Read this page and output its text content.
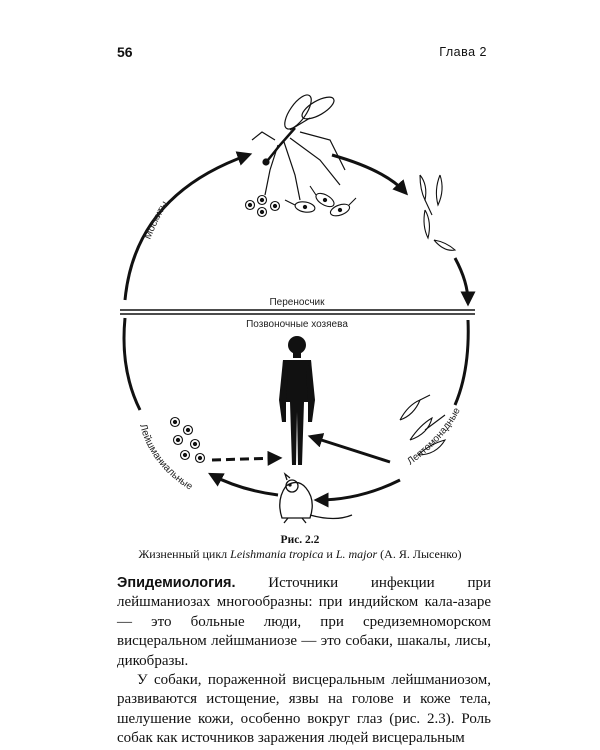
56	Глава 2
Переносчик
Позвоночные хозяева
Москиты
Лептомонадные
Лейшманиальные
Рис. 2.2
Жизненный цикл Leishmania tropica и L. major (А. Я. Лысенко)

Эпидемиология. Источники инфекции при лейшманиозах многообразны: при индийском кала-азаре — это больные люди, при средиземноморском висцеральном лейшманиозе — это собаки, шакалы, лисы, дикобразы.

У собаки, пораженной висцеральным лейшманиозом, развиваются истощение, язвы на голове и коже тела, шелушение кожи, особенно вокруг глаз (рис. 2.3). Роль собак как источников заражения людей висцеральным
